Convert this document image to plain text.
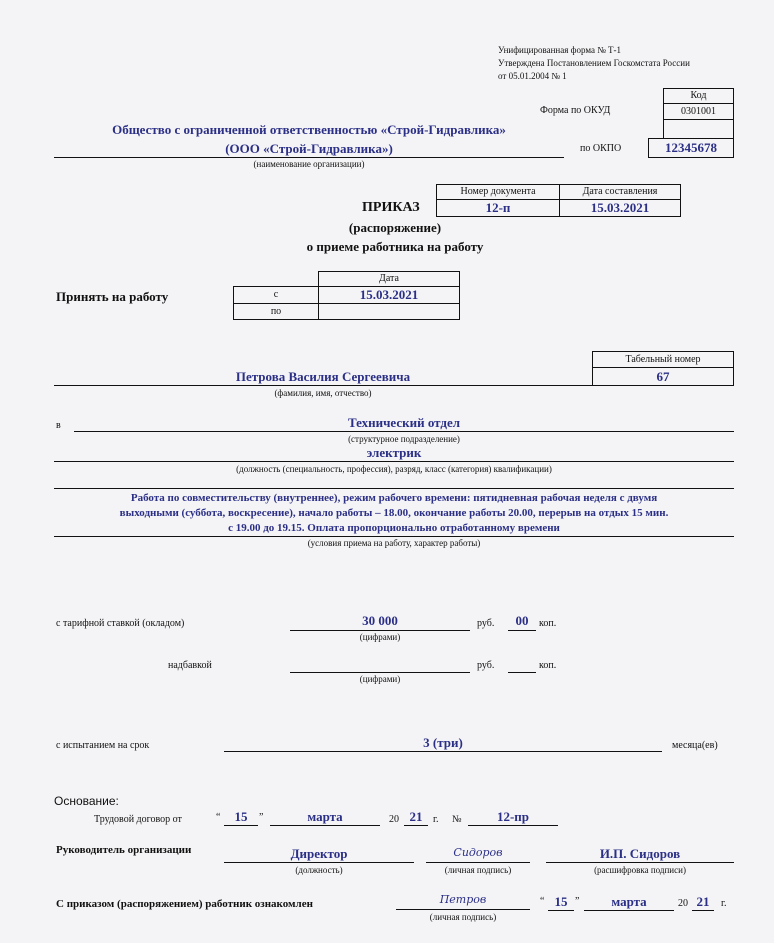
Унифицированная форма № Т-1
Утверждена Постановлением Госкомстата России
от 05.01.2004 № 1
Код
Форма по ОКУД	0301001
по ОКПО	12345678
Общество с ограниченной ответственностью «Строй-Гидравлика»
(ООО «Строй-Гидравлика»)
(наименование организации)
Номер документа	Дата составления
12-п	15.03.2021
ПРИКАЗ
(распоряжение)
о приеме работника на работу
Принять на работу
Дата
с	15.03.2021
по
Табельный номер
67
Петрова Василия Сергеевича
(фамилия, имя, отчество)
в	Технический отдел
(структурное подразделение)
электрик
(должность (специальность, профессия), разряд, класс (категория) квалификации)
Работа по совместительству (внутреннее), режим рабочего времени: пятидневная рабочая неделя с двумя
выходными (суббота, воскресение), начало работы – 18.00, окончание работы 20.00, перерыв на отдых 15 мин.
с 19.00 до 19.15. Оплата пропорционально отработанному времени
(условия приема на работу, характер работы)
с тарифной ставкой (окладом)	30 000
(цифрами)
руб.	00	коп.
надбавкой
(цифрами)
руб.	коп.
с испытанием на срок	3 (три)	месяца(ев)
Основание:
Трудовой договор от	“	15	”	марта	20 21	г. №	12-пр
Руководитель организации	Директор
(должность)
Сидоров
(личная подпись)
И.П. Сидоров
(расшифровка подписи)
С приказом (распоряжением) работник ознакомлен	Петров
(личная подпись)
“ 15 ”	марта	20 21	г.
